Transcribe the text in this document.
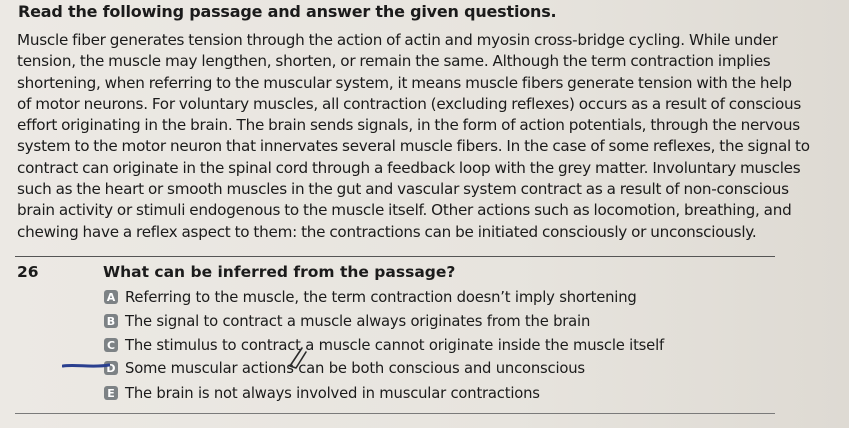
Read the following passage and answer the given questions.
Muscle fiber generates tension through the action of actin and myosin cross-bridge cycling. While under
tension, the muscle may lengthen, shorten, or remain the same. Although the term contraction implies
shortening, when referring to the muscular system, it means muscle fibers generate tension with the help
of motor neurons. For voluntary muscles, all contraction (excluding reflexes) occurs as a result of conscious
effort originating in the brain. The brain sends signals, in the form of action potentials, through the nervous
system to the motor neuron that innervates several muscle fibers. In the case of some reflexes, the signal to
contract can originate in the spinal cord through a feedback loop with the grey matter. Involuntary muscles
such as the heart or smooth muscles in the gut and vascular system contract as a result of non-conscious
brain activity or stimuli endogenous to the muscle itself. Other actions such as locomotion, breathing, and
chewing have a reflex aspect to them: the contractions can be initiated consciously or unconsciously.
26	What can be inferred from the passage?
A Referring to the muscle, the term contraction doesn’t imply shortening
B The signal to contract a muscle always originates from the brain
C The stimulus to contract a muscle cannot originate inside the muscle itself
D Some muscular actions can be both conscious and unconscious
E The brain is not always involved in muscular contractions
